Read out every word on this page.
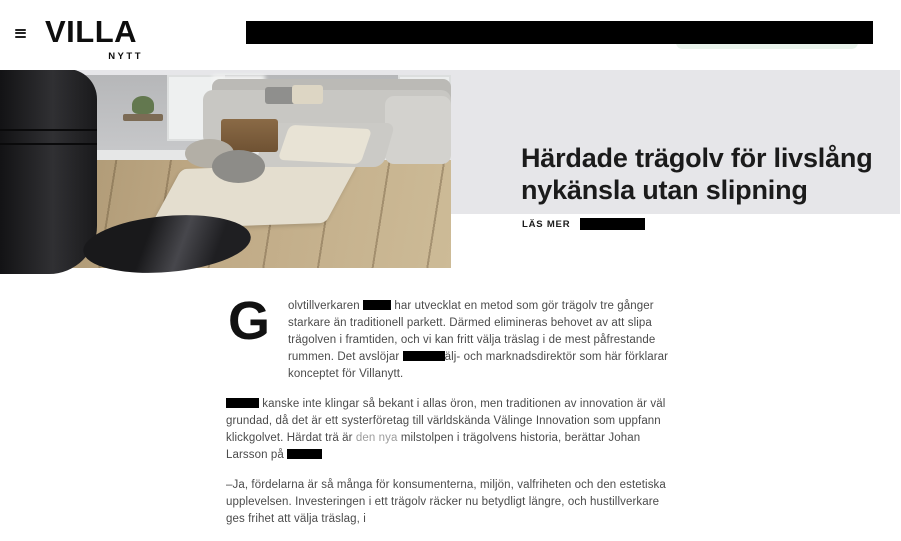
VILLA
NYTT
Härdade trägolv för livslång
nykänsla utan slipning
LÄS MER

G olvtillverkaren	har utvecklat en metod som gör trägolv tre gånger starkare än traditionell parkett. Därmed elimineras behovet av att slipa trägolven i framtiden, och vi kan fritt välja träslag i de mest påfrestande rummen. Det avslöjar	älj- och marknadsdirektör som här förklarar konceptet för Villanytt.

kanske inte klingar så bekant i allas öron, men traditionen av innovation är väl grundad, då det är ett systerföretag till världskända Välinge Innovation som uppfann klickgolvet. Härdat trä är den nya milstolpen i trägolvens historia, berättar Johan Larsson på

–Ja, fördelarna är så många för konsumenterna, miljön, valfriheten och den estetiska upplevelsen. Investeringen i ett trägolv räcker nu betydligt längre, och hustillverkare ges frihet att välja träslag, i
